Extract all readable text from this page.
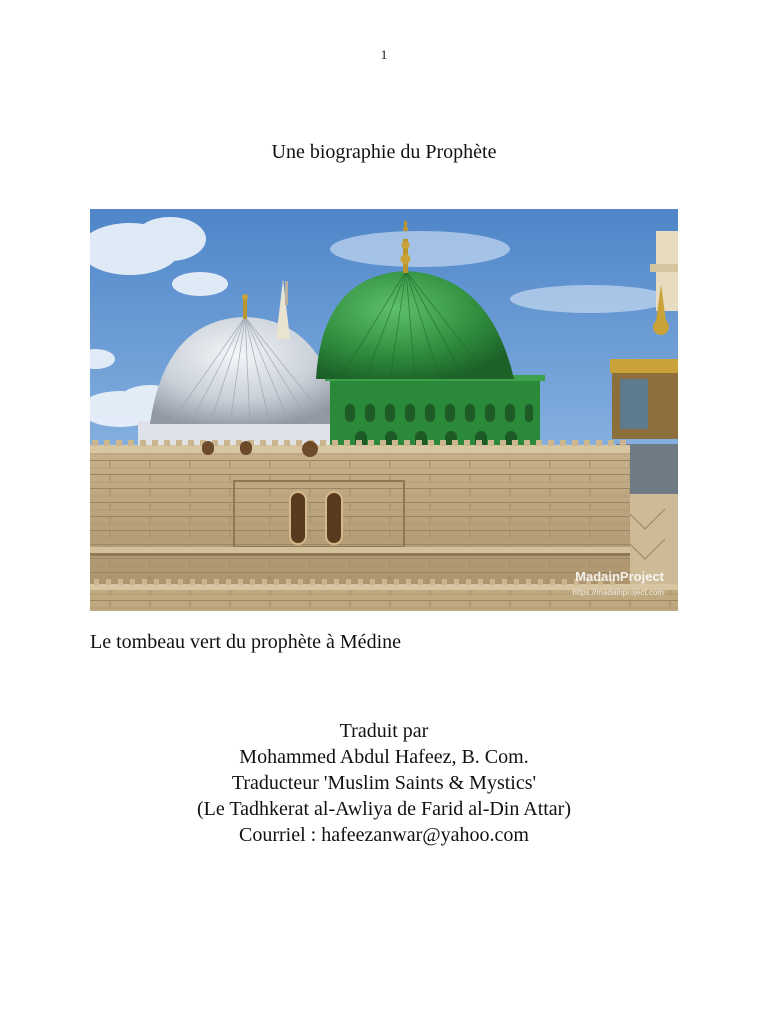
1
Une biographie du Prophète
MadainProject
https://madainproject.com
Le tombeau vert du prophète à Médine
Traduit par
Mohammed Abdul Hafeez, B. Com.
Traducteur 'Muslim Saints & Mystics'
(Le Tadhkerat al-Awliya de Farid al-Din Attar)
Courriel : hafeezanwar@yahoo.com
